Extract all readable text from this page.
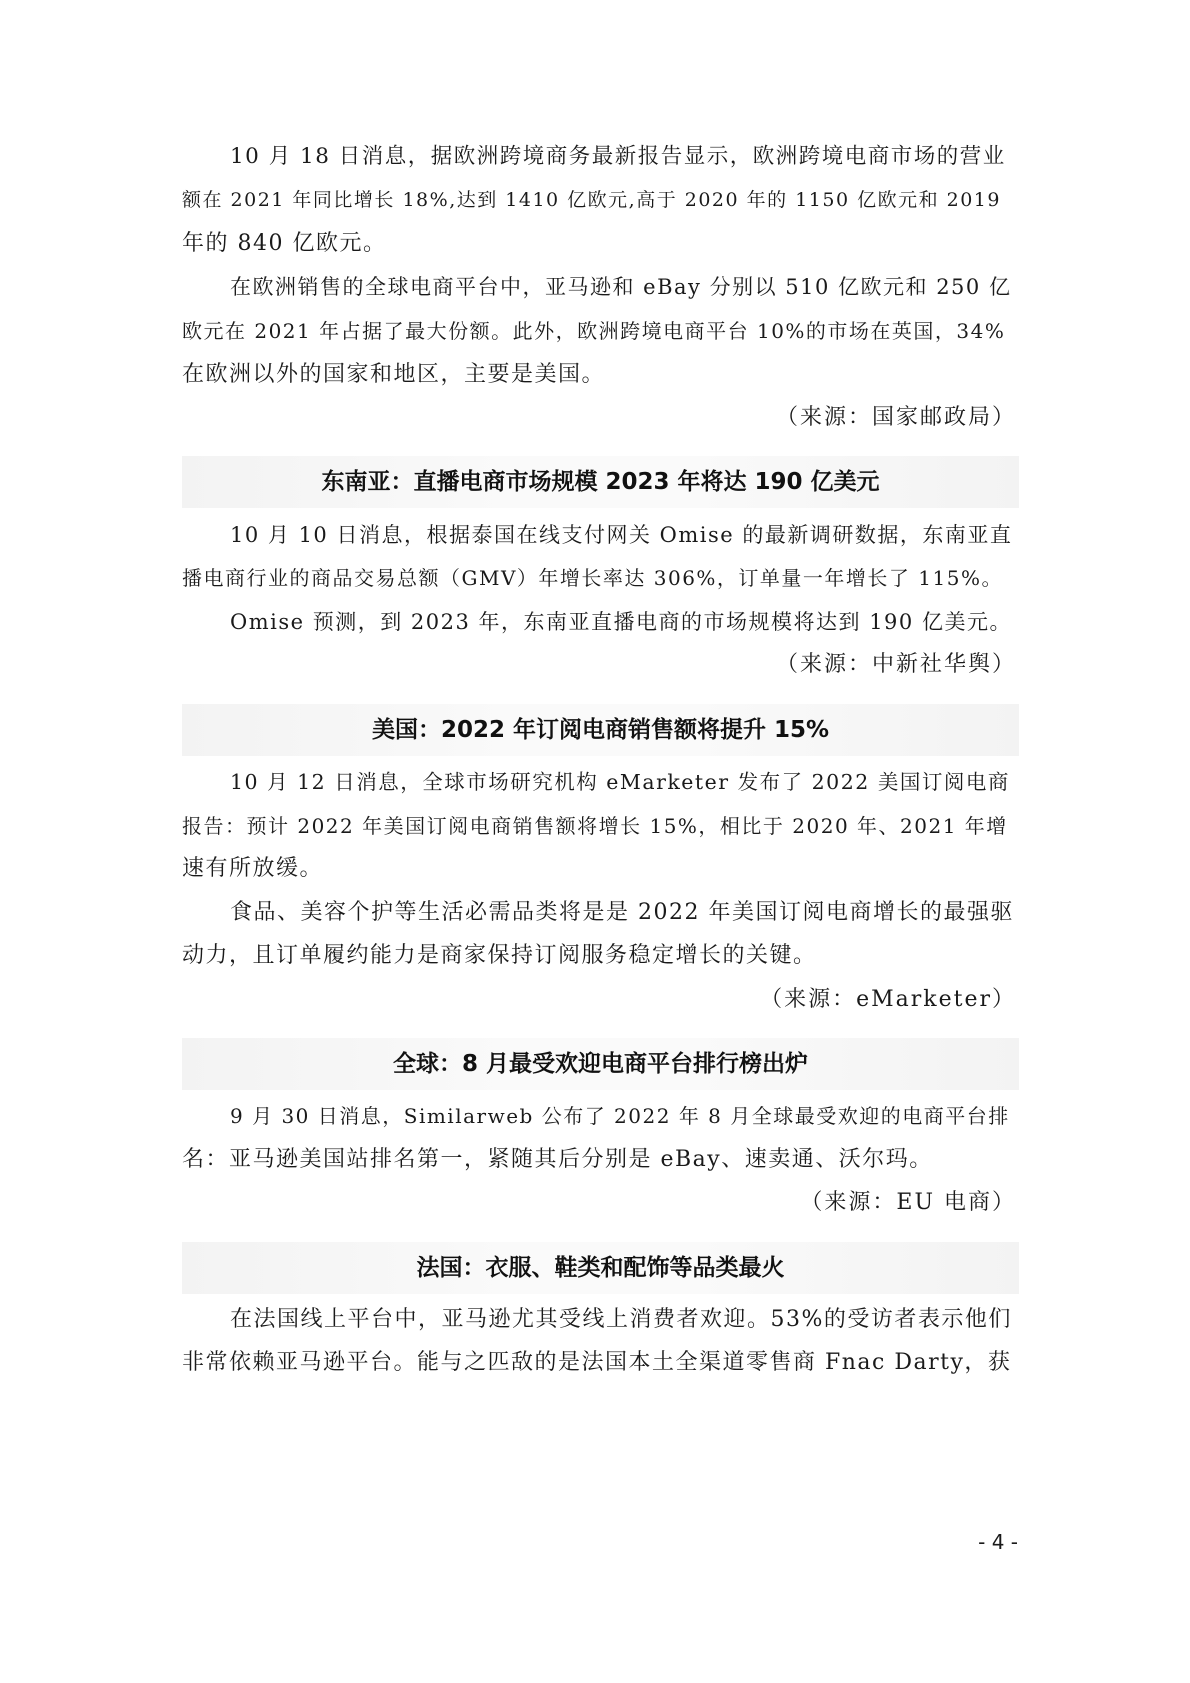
10 月 18 日消息，据欧洲跨境商务最新报告显示，欧洲跨境电商市场的营业
额在 2021 年同比增长 18%,达到 1410 亿欧元,高于 2020 年的 1150 亿欧元和 2019
年的 840 亿欧元。
在欧洲销售的全球电商平台中，亚马逊和 eBay 分别以 510 亿欧元和 250 亿
欧元在 2021 年占据了最大份额。此外，欧洲跨境电商平台 10%的市场在英国，34%
在欧洲以外的国家和地区，主要是美国。
（来源：国家邮政局）
东南亚：直播电商市场规模 2023 年将达 190 亿美元
10 月 10 日消息，根据泰国在线支付网关 Omise 的最新调研数据，东南亚直
播电商行业的商品交易总额（GMV）年增长率达 306%，订单量一年增长了 115%。
Omise 预测，到 2023 年，东南亚直播电商的市场规模将达到 190 亿美元。
（来源：中新社华舆）
美国：2022 年订阅电商销售额将提升 15%
10 月 12 日消息，全球市场研究机构 eMarketer 发布了 2022 美国订阅电商
报告：预计 2022 年美国订阅电商销售额将增长 15%，相比于 2020 年、2021 年增
速有所放缓。
食品、美容个护等生活必需品类将是是 2022 年美国订阅电商增长的最强驱
动力，且订单履约能力是商家保持订阅服务稳定增长的关键。
（来源：eMarketer）
全球：8 月最受欢迎电商平台排行榜出炉
9 月 30 日消息，Similarweb 公布了 2022 年 8 月全球最受欢迎的电商平台排
名：亚马逊美国站排名第一，紧随其后分别是 eBay、速卖通、沃尔玛。
（来源：EU 电商）
法国：衣服、鞋类和配饰等品类最火
在法国线上平台中，亚马逊尤其受线上消费者欢迎。53%的受访者表示他们
非常依赖亚马逊平台。能与之匹敌的是法国本土全渠道零售商 Fnac Darty，获
- 4 -
